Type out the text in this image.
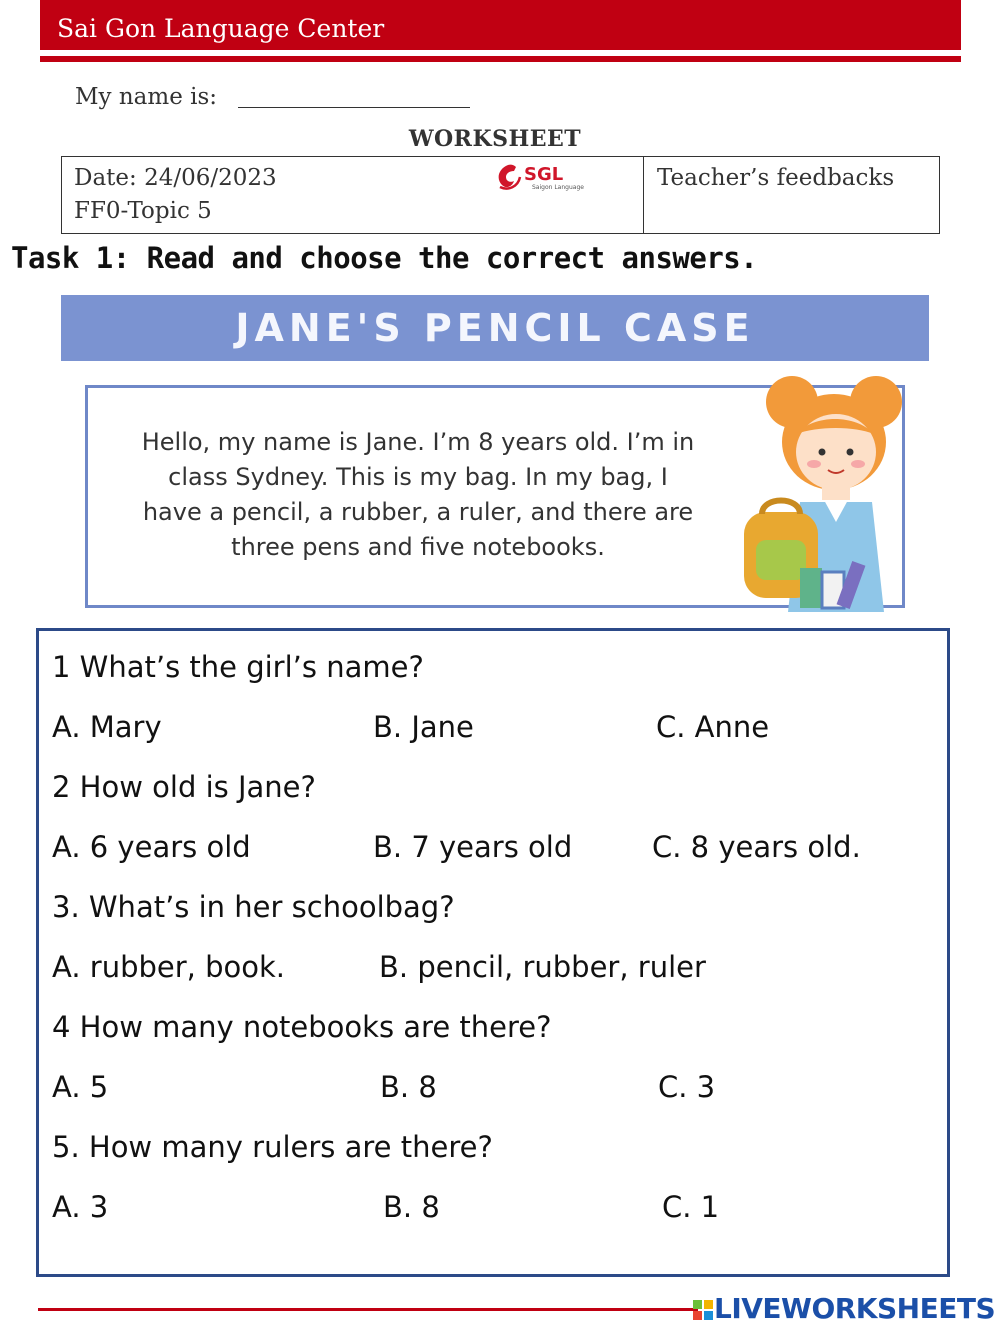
Sai Gon Language Center
My name is:
WORKSHEET
Date: 24/06/2023
FF0-Topic 5
Teacher’s feedbacks
SGL
Saigon Language
Task 1: Read and choose the correct answers.
JANE'S PENCIL CASE
Hello, my name is Jane. I’m 8 years old. I’m in
class Sydney. This is my bag. In my bag, I
have a pencil, a rubber, a ruler, and there are
three pens and five notebooks.
1 What’s the girl’s name?
A. Mary	B. Jane	C. Anne
2 How old is Jane?
A. 6 years old	B. 7 years old	C. 8 years old.
3. What’s in her schoolbag?
A. rubber, book.	B. pencil, rubber, ruler
4 How many notebooks are there?
A. 5	B. 8	C. 3
5. How many rulers are there?
A. 3	B. 8	C. 1
LIVEWORKSHEETS
